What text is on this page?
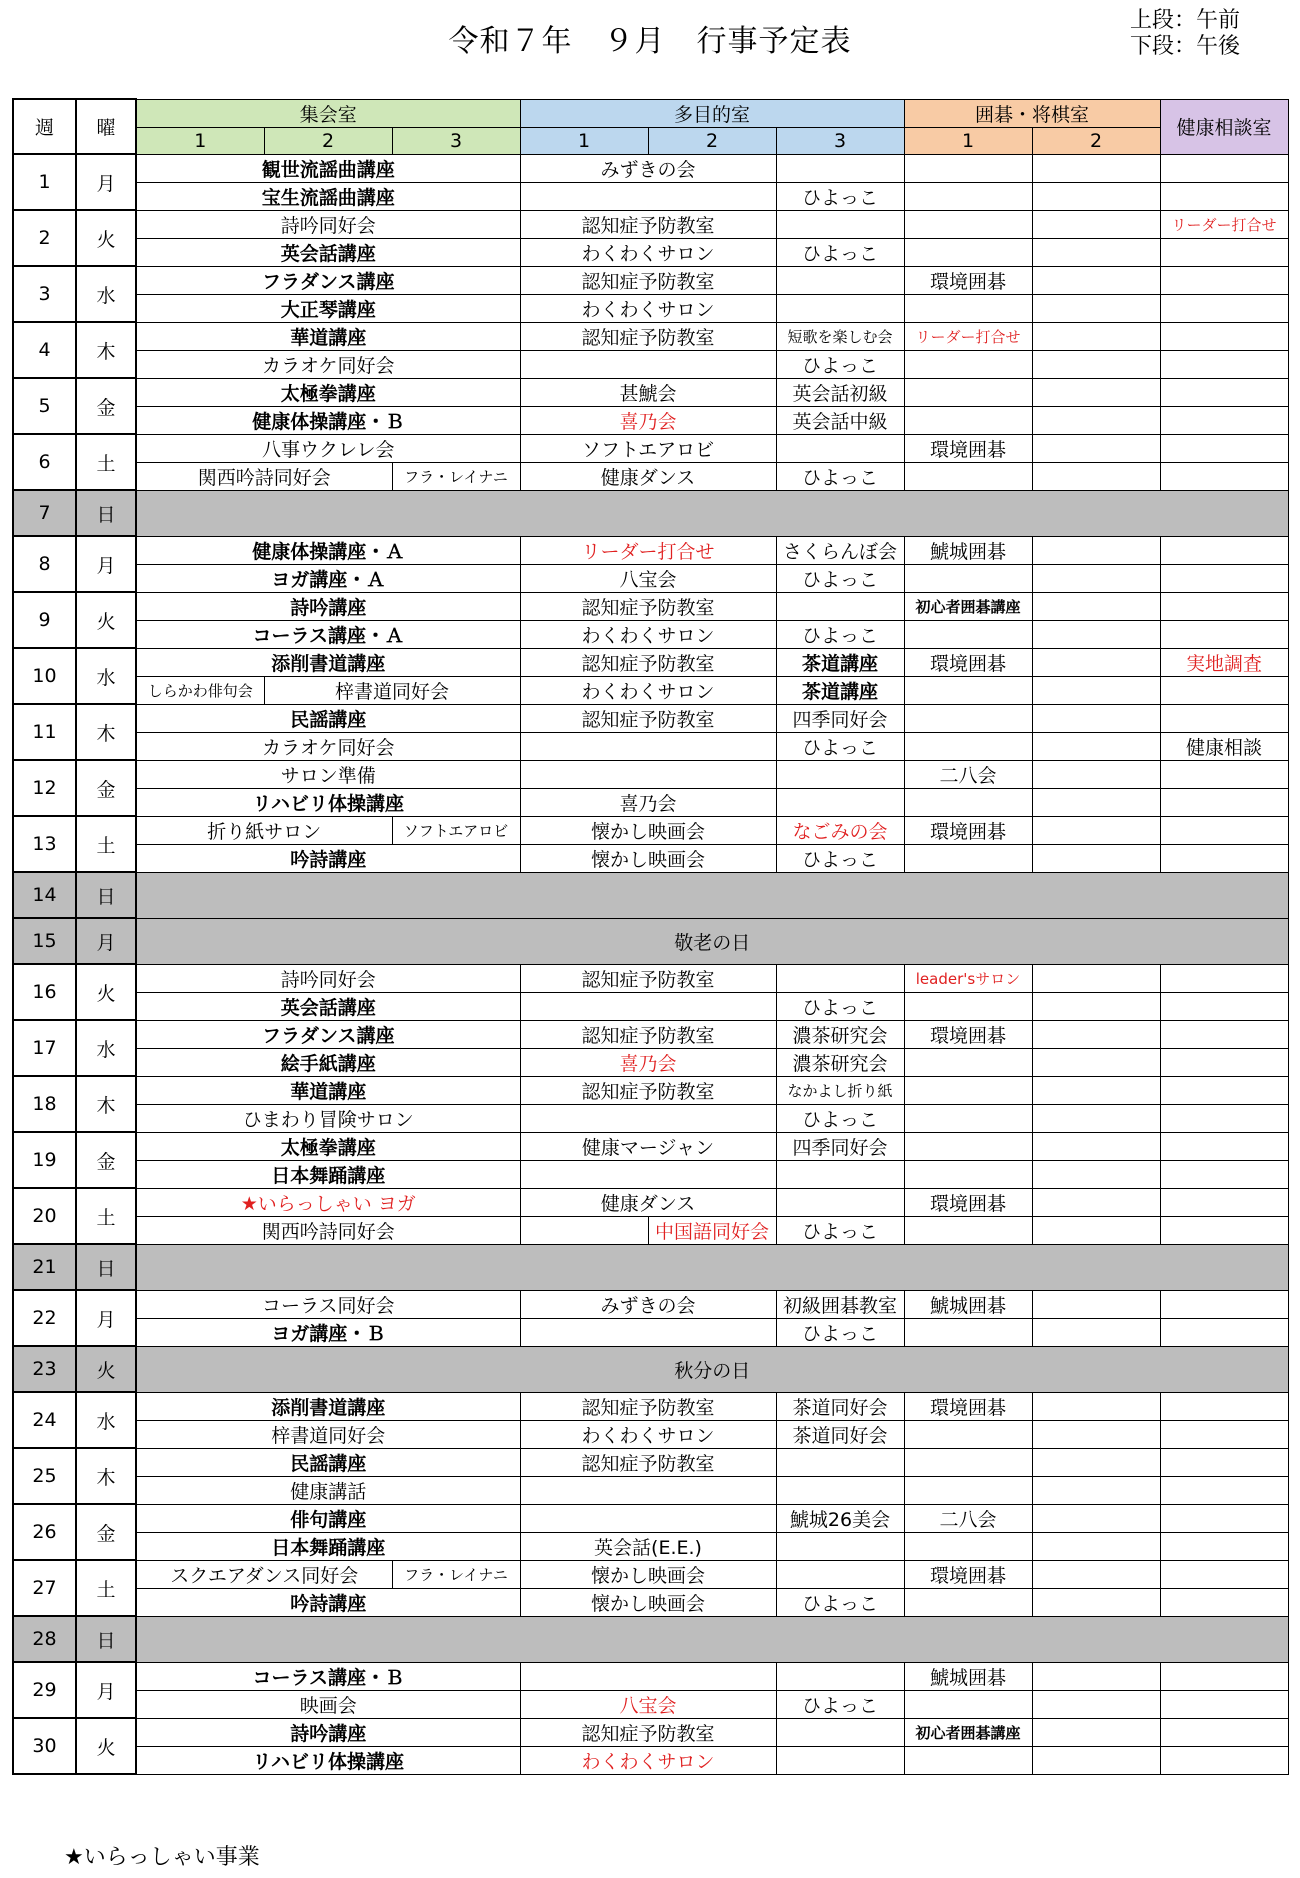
令和７年　９月　行事予定表
上段：午前
下段：午後
週	曜	集会室			多目的室			囲碁・将棋室		健康相談室
		1	2	3	1	2	3	1	2	
1	月	観世流謡曲講座			みずきの会					
		宝生流謡曲講座					ひよっこ			
2	火	詩吟同好会			認知症予防教室					リーダー打合せ
		英会話講座			わくわくサロン		ひよっこ			
3	水	フラダンス講座			認知症予防教室			環境囲碁		
		大正琴講座			わくわくサロン					
4	木	華道講座			認知症予防教室		短歌を楽しむ会	リーダー打合せ		
		カラオケ同好会					ひよっこ			
5	金	太極拳講座			甚鯱会		英会話初級			
		健康体操講座・Ｂ			喜乃会		英会話中級			
6	土	八事ウクレレ会			ソフトエアロビ			環境囲碁		
		関西吟詩同好会		フラ・レイナニ	健康ダンス		ひよっこ			
7	日									
8	月	健康体操講座・Ａ			リーダー打合せ		さくらんぼ会	鯱城囲碁		
		ヨガ講座・Ａ			八宝会		ひよっこ			
9	火	詩吟講座			認知症予防教室			初心者囲碁講座		
		コーラス講座・Ａ			わくわくサロン		ひよっこ			
10	水	添削書道講座			認知症予防教室		茶道講座	環境囲碁		実地調査
		しらかわ俳句会	梓書道同好会		わくわくサロン		茶道講座			
11	木	民謡講座			認知症予防教室		四季同好会			
		カラオケ同好会					ひよっこ			健康相談
12	金	サロン準備						二八会		
		リハビリ体操講座			喜乃会					
13	土	折り紙サロン		ソフトエアロビ	懐かし映画会		なごみの会	環境囲碁		
		吟詩講座			懐かし映画会		ひよっこ			
14	日									
15	月	敬老の日								
16	火	詩吟同好会			認知症予防教室			leader'sサロン		
		英会話講座					ひよっこ			
17	水	フラダンス講座			認知症予防教室		濃茶研究会	環境囲碁		
		絵手紙講座			喜乃会		濃茶研究会			
18	木	華道講座			認知症予防教室		なかよし折り紙			
		ひまわり冒険サロン					ひよっこ			
19	金	太極拳講座			健康マージャン		四季同好会			
		日本舞踊講座								
20	土	★いらっしゃい ヨガ			健康ダンス			環境囲碁		
		関西吟詩同好会				中国語同好会	ひよっこ			
21	日									
22	月	コーラス同好会			みずきの会		初級囲碁教室	鯱城囲碁		
		ヨガ講座・Ｂ					ひよっこ			
23	火	秋分の日								
24	水	添削書道講座			認知症予防教室		茶道同好会	環境囲碁		
		梓書道同好会			わくわくサロン		茶道同好会			
25	木	民謡講座			認知症予防教室					
		健康講話								
26	金	俳句講座					鯱城26美会	二八会		
		日本舞踊講座			英会話(E.E.)					
27	土	スクエアダンス同好会		フラ・レイナニ	懐かし映画会			環境囲碁		
		吟詩講座			懐かし映画会		ひよっこ			
28	日									
29	月	コーラス講座・Ｂ						鯱城囲碁		
		映画会			八宝会		ひよっこ			
30	火	詩吟講座			認知症予防教室			初心者囲碁講座		
		リハビリ体操講座			わくわくサロン					
★いらっしゃい事業
